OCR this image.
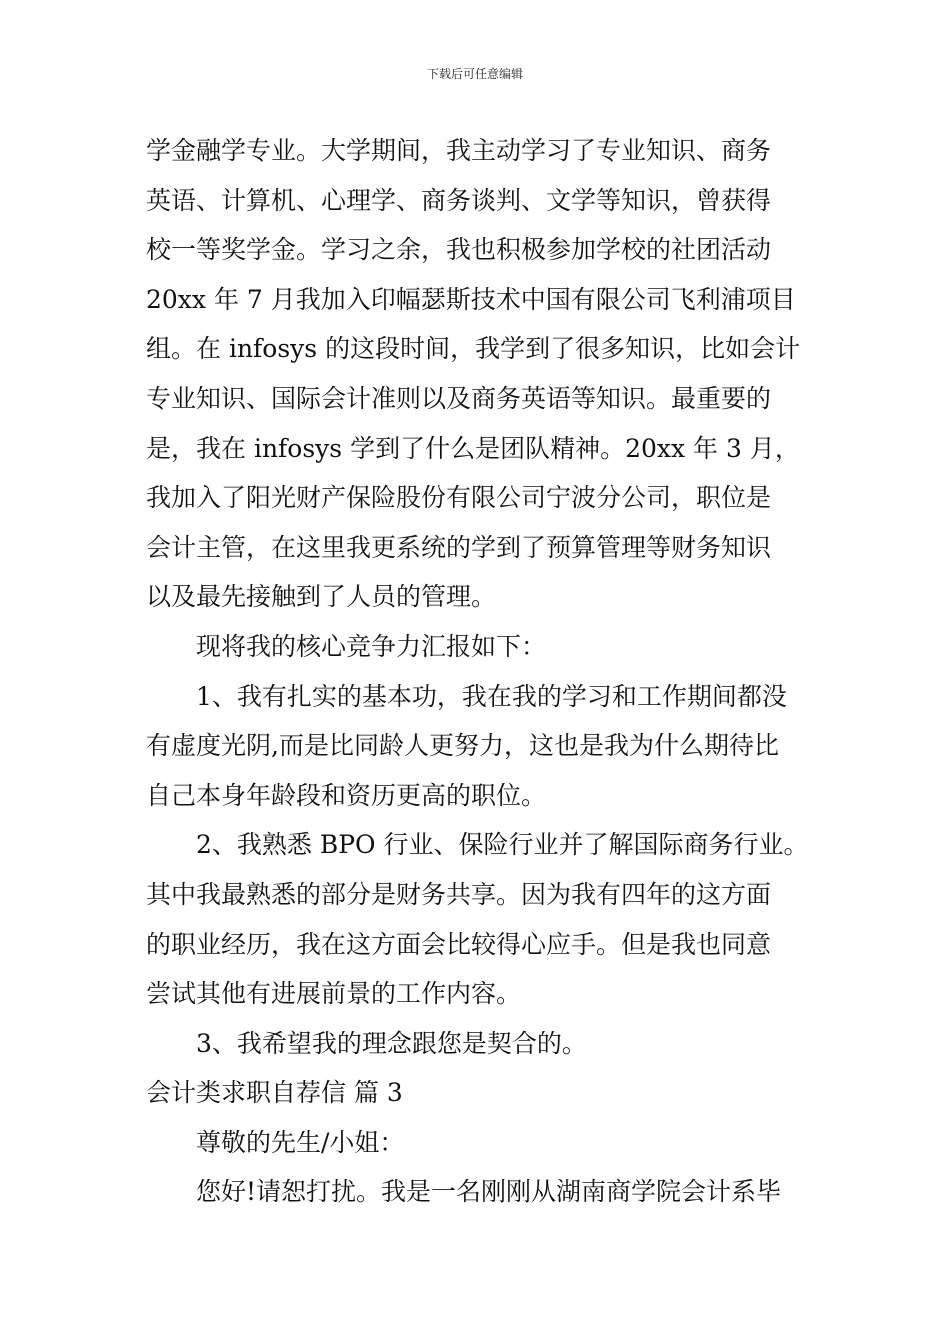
下载后可任意编辑
学金融学专业。大学期间，我主动学习了专业知识、商务
英语、计算机、心理学、商务谈判、文学等知识，曾获得
校一等奖学金。学习之余，我也积极参加学校的社团活动
20xx 年 7 月我加入印幅瑟斯技术中国有限公司飞利浦项目
组。在 infosys 的这段时间，我学到了很多知识，比如会计
专业知识、国际会计准则以及商务英语等知识。最重要的
是，我在 infosys 学到了什么是团队精神。20xx 年 3 月，
我加入了阳光财产保险股份有限公司宁波分公司，职位是
会计主管，在这里我更系统的学到了预算管理等财务知识
以及最先接触到了人员的管理。
现将我的核心竞争力汇报如下：
1、我有扎实的基本功，我在我的学习和工作期间都没
有虚度光阴,而是比同龄人更努力，这也是我为什么期待比
自己本身年龄段和资历更高的职位。
2、我熟悉 BPO 行业、保险行业并了解国际商务行业。
其中我最熟悉的部分是财务共享。因为我有四年的这方面
的职业经历，我在这方面会比较得心应手。但是我也同意
尝试其他有进展前景的工作内容。
3、我希望我的理念跟您是契合的。
会计类求职自荐信 篇 3
尊敬的先生/小姐：
您好!请恕打扰。我是一名刚刚从湖南商学院会计系毕
